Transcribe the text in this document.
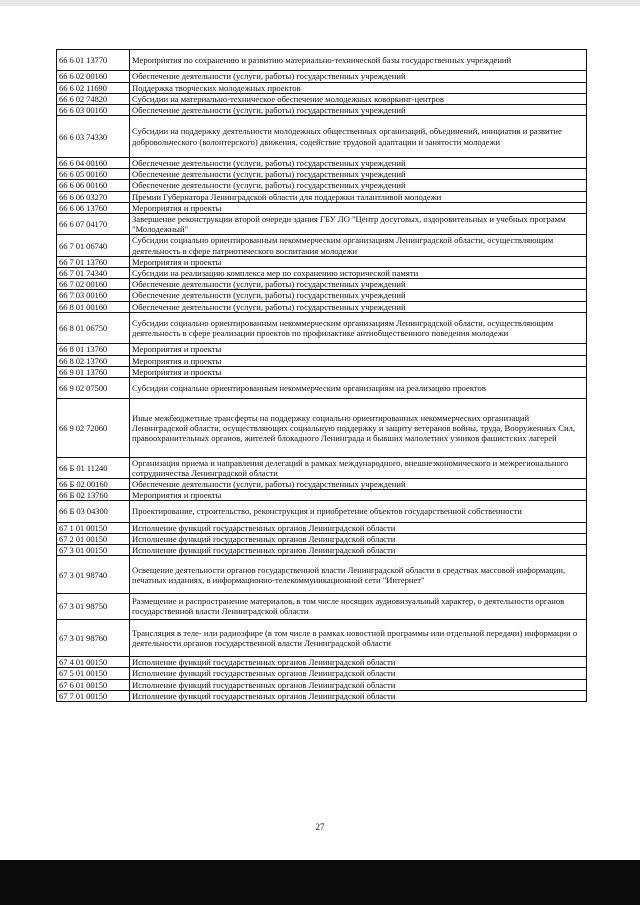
66 6 01 13770	Мероприятия по сохранению и развитию материально-технической базы государственных учреждений
66 6 02 00160	Обеспечение деятельности (услуги, работы) государственных учреждений
66 6 02 11690	Поддержка творческих молодежных проектов
66 6 02 74820	Субсидии на материально-техническое обеспечение молодежных коворкинг-центров
66 6 03 00160	Обеспечение деятельности (услуги, работы) государственных учреждений
66 6 03 74330	Субсидии на поддержку деятельности молодежных общественных организаций, объединений, инициатив и развитие добровольческого (волонтерского) движения, содействие трудовой адаптации и занятости молодежи
66 6 04 00160	Обеспечение деятельности (услуги, работы) государственных учреждений
66 6 05 00160	Обеспечение деятельности (услуги, работы) государственных учреждений
66 6 06 00160	Обеспечение деятельности (услуги, работы) государственных учреждений
66 6 06 03270	Премии Губернатора Ленинградской области для поддержки талантливой молодежи
66 6 06 13760	Мероприятия и проекты
66 6 07 04170	Завершение реконструкции второй очереди здания ГБУ ЛО "Центр досуговых, оздоровительных и учебных программ "Молодежный"
66 7 01 06740	Субсидии социально ориентированным некоммерческим организациям Ленинградской области, осуществляющим деятельность в сфере патриотического воспитания молодежи
66 7 01 13760	Мероприятия и проекты
66 7 01 74340	Субсидии на реализацию комплекса мер по сохранению исторической памяти
66 7 02 00160	Обеспечение деятельности (услуги, работы) государственных учреждений
66 7 03 00160	Обеспечение деятельности (услуги, работы) государственных учреждений
66 8 01 00160	Обеспечение деятельности (услуги, работы) государственных учреждений
66 8 01 06750	Субсидии социально ориентированным некоммерческим организациям Ленинградской области, осуществляющим деятельность в сфере реализации проектов по профилактике антиобщественного поведения молодежи
66 8 01 13760	Мероприятия и проекты
66 8 02 13760	Мероприятия и проекты
66 9 01 13760	Мероприятия и проекты
66 9 02 07500	Субсидии социально ориентированным некоммерческим организациям на реализацию проектов
66 9 02 72060	Иные межбюджетные трансферты на поддержку социально ориентированных некоммерческих организаций Ленинградской области, осуществляющих социальную поддержку и защиту ветеранов войны, труда, Вооруженных Сил, правоохранительных органов, жителей блокадного Ленинграда и бывших малолетних узников фашистских лагерей
66 Б 01 11240	Организация приема и направления делегаций в рамках международного, внешнеэкономического и межрегионального сотрудничества Ленинградской области
66 Б 02 00160	Обеспечение деятельности (услуги, работы) государственных учреждений
66 Б 02 13760	Мероприятия и проекты
66 Б 03 04300	Проектирование, строительство, реконструкция и приобретение объектов государственной собственности
67 1 01 00150	Исполнение функций государственных органов Ленинградской области
67 2 01 00150	Исполнение функций государственных органов Ленинградской области
67 3 01 00150	Исполнение функций государственных органов Ленинградской области
67 3 01 98740	Освещение деятельности органов государственной власти Ленинградской области в средствах массовой информации, печатных изданиях, в информационно-телекоммуникационной сети "Интернет"
67 3 01 98750	Размещение и распространение материалов, в том числе носящих аудиовизуальный характер, о деятельности органов государственной власти Ленинградской области
67 3 01 98760	Трансляция в теле- или радиоэфире (в том числе в рамках новостной программы или отдельной передачи) информации о деятельности органов государственной власти Ленинградской области
67 4 01 00150	Исполнение функций государственных органов Ленинградской области
67 5 01 00150	Исполнение функций государственных органов Ленинградской области
67 6 01 00150	Исполнение функций государственных органов Ленинградской области
67 7 01 00150	Исполнение функций государственных органов Ленинградской области
27
